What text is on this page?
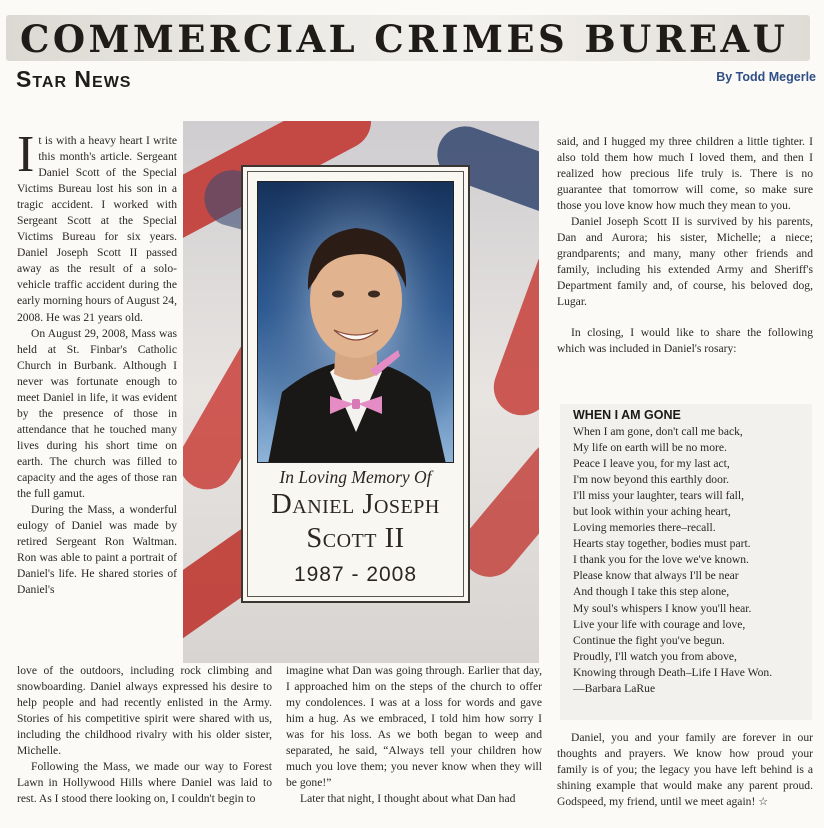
COMMERCIAL CRIMES BUREAU
Star News	By Todd Megerle
I t is with a heavy heart I write this month's article. Sergeant Daniel Scott of the Special Victims Bureau lost his son in a tragic accident. I worked with Sergeant Scott at the Special Victims Bureau for six years. Daniel Joseph Scott II passed away as the result of a solo-vehicle traffic accident during the early morning hours of August 24, 2008. He was 21 years old.

On August 29, 2008, Mass was held at St. Finbar's Catholic Church in Burbank. Although I never was fortunate enough to meet Daniel in life, it was evident by the presence of those in attendance that he touched many lives during his short time on earth. The church was filled to capacity and the ages of those ran the full gamut.

During the Mass, a wonderful eulogy of Daniel was made by retired Sergeant Ron Waltman. Ron was able to paint a portrait of Daniel's life. He shared stories of Daniel's

In Loving Memory Of
Daniel Joseph
Scott II
1987 - 2008

love of the outdoors, including rock climbing and snowboarding. Daniel always expressed his desire to help people and had recently enlisted in the Army. Stories of his competitive spirit were shared with us, including the childhood rivalry with his older sister, Michelle.

Following the Mass, we made our way to Forest Lawn in Hollywood Hills where Daniel was laid to rest. As I stood there looking on, I couldn't begin to

imagine what Dan was going through. Earlier that day, I approached him on the steps of the church to offer my condolences. I was at a loss for words and gave him a hug. As we embraced, I told him how sorry I was for his loss. As we both began to weep and separated, he said, “Always tell your children how much you love them; you never know when they will be gone!”

Later that night, I thought about what Dan had

said, and I hugged my three children a little tighter. I also told them how much I loved them, and then I realized how precious life truly is. There is no guarantee that tomorrow will come, so make sure those you love know how much they mean to you.

Daniel Joseph Scott II is survived by his parents, Dan and Aurora; his sister, Michelle; a niece; grandparents; and many, many other friends and family, including his extended Army and Sheriff's Department family and, of course, his beloved dog, Lugar.

In closing, I would like to share the following which was included in Daniel's rosary:

WHEN I AM GONE
When I am gone, don't call me back,
My life on earth will be no more.
Peace I leave you, for my last act,
I'm now beyond this earthly door.
I'll miss your laughter, tears will fall,
but look within your aching heart,
Loving memories there–recall.
Hearts stay together, bodies must part.
I thank you for the love we've known.
Please know that always I'll be near
And though I take this step alone,
My soul's whispers I know you'll hear.
Live your life with courage and love,
Continue the fight you've begun.
Proudly, I'll watch you from above,
Knowing through Death–Life I Have Won.
—Barbara LaRue

Daniel, you and your family are forever in our thoughts and prayers. We know how proud your family is of you; the legacy you have left behind is a shining example that would make any parent proud. Godspeed, my friend, until we meet again! ☆
